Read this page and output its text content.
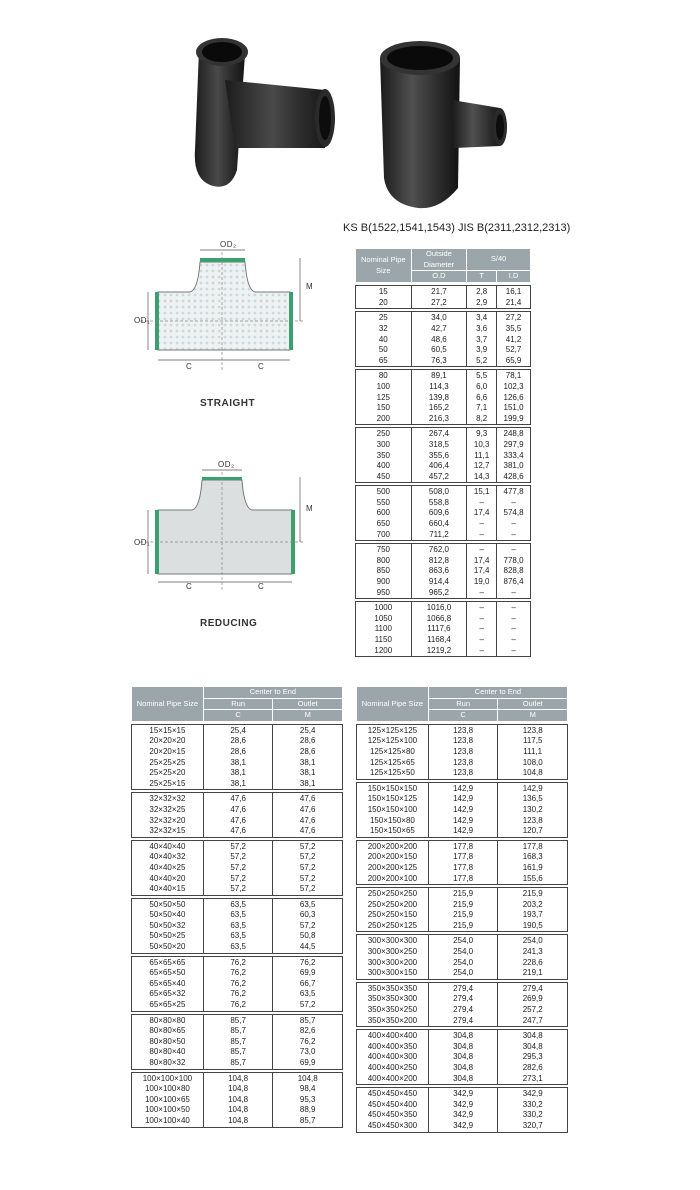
OD₂
M
OD₁
C	C
STRAIGHT
OD₂
M
OD₁
C	C
REDUCING
KS B(1522,1541,1543) JIS B(2311,2312,2313)
Nominal Pipe Size	Outside Diameter	S/40	
	O.D	T	I.D

15	21,7	2,8	16,1
20	27,2	2,9	21,4

25	34,0	3,4	27,2
32	42,7	3,6	35,5
40	48,6	3,7	41,2
50	60,5	3,9	52,7
65	76,3	5,2	65,9

80	89,1	5,5	78,1
100	114,3	6,0	102,3
125	139,8	6,6	126,6
150	165,2	7,1	151,0
200	216,3	8,2	199,9

250	267,4	9,3	248,8
300	318,5	10,3	297,9
350	355,6	11,1	333,4
400	406,4	12,7	381,0
450	457,2	14,3	428,6

500	508,0	15,1	477,8
550	558,8	–	–
600	609,6	17,4	574,8
650	660,4	–	–
700	711,2	–	–

750	762,0	–	–
800	812,8	17,4	778,0
850	863,6	17,4	828,8
900	914,4	19,0	876,4
950	965,2	–	–

1000	1016,0	–	–
1050	1066,8	–	–
1100	1117,6	–	–
1150	1168,4	–	–
1200	1219,2	–	–
Nominal Pipe Size	Center to End	
	Run	Outlet
	C	M

15×15×15	25,4	25,4
20×20×20	28,6	28,6
20×20×15	28,6	28,6
25×25×25	38,1	38,1
25×25×20	38,1	38,1
25×25×15	38,1	38,1

32×32×32	47,6	47,6
32×32×25	47,6	47,6
32×32×20	47,6	47,6
32×32×15	47,6	47,6

40×40×40	57,2	57,2
40×40×32	57,2	57,2
40×40×25	57,2	57,2
40×40×20	57,2	57,2
40×40×15	57,2	57,2

50×50×50	63,5	63,5
50×50×40	63,5	60,3
50×50×32	63,5	57,2
50×50×25	63,5	50,8
50×50×20	63,5	44,5

65×65×65	76,2	76,2
65×65×50	76,2	69,9
65×65×40	76,2	66,7
65×65×32	76,2	63,5
65×65×25	76,2	57,2

80×80×80	85,7	85,7
80×80×65	85,7	82,6
80×80×50	85,7	76,2
80×80×40	85,7	73,0
80×80×32	85,7	69,9

100×100×100	104,8	104,8
100×100×80	104,8	98,4
100×100×65	104,8	95,3
100×100×50	104,8	88,9
100×100×40	104,8	85,7
Nominal Pipe Size	Center to End	
	Run	Outlet
	C	M

125×125×125	123,8	123,8
125×125×100	123,8	117,5
125×125×80	123,8	111,1
125×125×65	123,8	108,0
125×125×50	123,8	104,8

150×150×150	142,9	142,9
150×150×125	142,9	136,5
150×150×100	142,9	130,2
150×150×80	142,9	123,8
150×150×65	142,9	120,7

200×200×200	177,8	177,8
200×200×150	177,8	168,3
200×200×125	177,8	161,9
200×200×100	177,8	155,6

250×250×250	215,9	215,9
250×250×200	215,9	203,2
250×250×150	215,9	193,7
250×250×125	215,9	190,5

300×300×300	254,0	254,0
300×300×250	254,0	241,3
300×300×200	254,0	228,6
300×300×150	254,0	219,1

350×350×350	279,4	279,4
350×350×300	279,4	269,9
350×350×250	279,4	257,2
350×350×200	279,4	247,7

400×400×400	304,8	304,8
400×400×350	304,8	304,8
400×400×300	304,8	295,3
400×400×250	304,8	282,6
400×400×200	304,8	273,1

450×450×450	342,9	342,9
450×450×400	342,9	330,2
450×450×350	342,9	330,2
450×450×300	342,9	320,7
